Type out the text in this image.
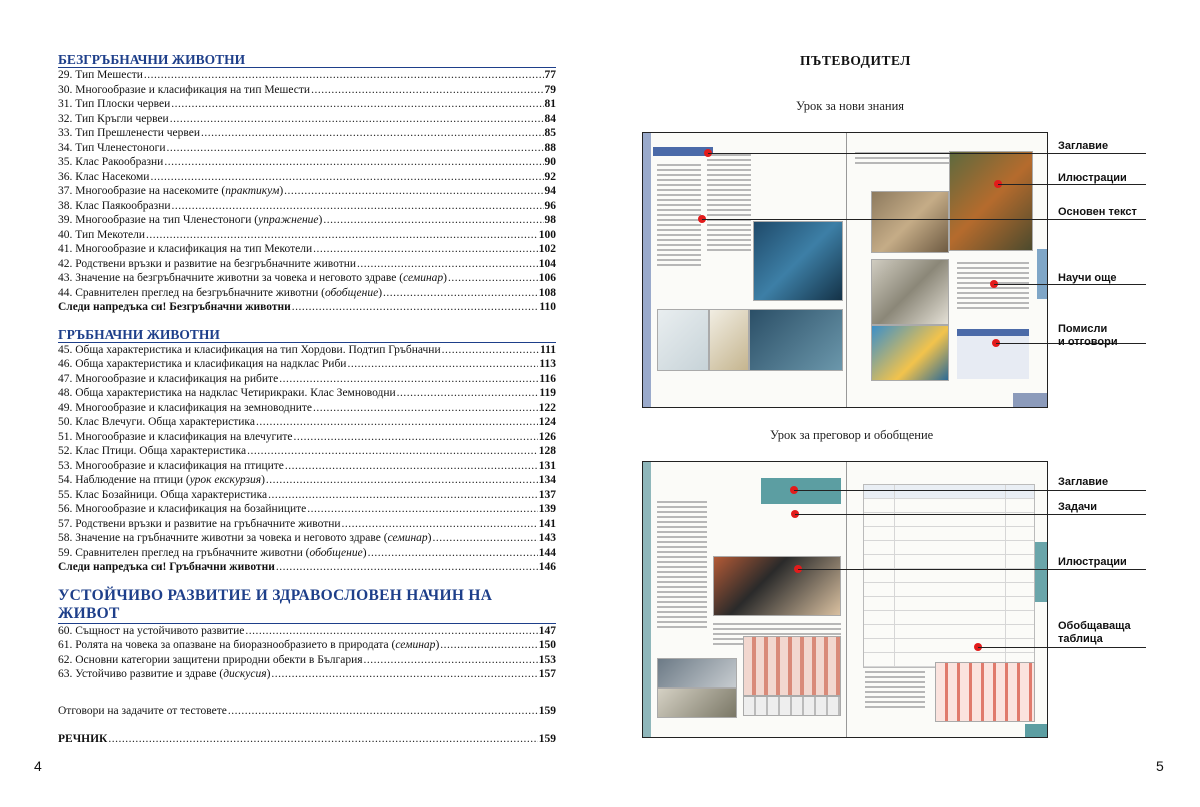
БЕЗГРЪБНАЧНИ ЖИВОТНИ
29. Тип Мешести .....	77
30. Многообразие и класификация на тип Мешести .....	79
31. Тип Плоски червеи .....	81
32. Тип Кръгли червеи .....	84
33. Тип Прешленести червеи .....	85
34. Тип Членестоноги .....	88
35. Клас Ракообразни .....	90
36. Клас Насекоми .....	92
37. Многообразие на насекомите (практикум) .....	94
38. Клас Паякообразни .....	96
39. Многообразие на тип Членестоноги (упражнение) .....	98
40. Тип Мекотели .....	100
41. Многообразие и класификация на тип Мекотели .....	102
42. Родствени връзки и развитие на безгръбначните животни .....	104
43. Значение на безгръбначните животни за човека и неговото здраве (семинар) .....	106
44. Сравнителен преглед на безгръбначните животни (обобщение) .....	108
Следи напредъка си! Безгръбначни животни .....	110
ГРЪБНАЧНИ ЖИВОТНИ
45. Обща характеристика и класификация на тип Хордови. Подтип Гръбначни .....	111
46. Обща характеристика и класификация на надклас Риби .....	113
47. Многообразие и класификация на рибите .....	116
48. Обща характеристика на надклас Четирикраки. Клас Земноводни .....	119
49. Многообразие и класификация на земноводните .....	122
50. Клас Влечуги. Обща характеристика .....	124
51. Многообразие и класификация на влечугите .....	126
52. Клас Птици. Обща характеристика .....	128
53. Многообразие и класификация на птиците .....	131
54. Наблюдение на птици (урок екскурзия) .....	134
55. Клас Бозайници. Обща характеристика .....	137
56. Многообразие и класификация на бозайниците .....	139
57. Родствени връзки и развитие на гръбначните животни .....	141
58. Значение на гръбначните животни за човека и неговото здраве (семинар) .....	143
59. Сравнителен преглед на гръбначните животни (обобщение) .....	144
Следи напредъка си! Гръбначни животни .....	146
УСТОЙЧИВО РАЗВИТИЕ И ЗДРАВОСЛОВЕН НАЧИН НА ЖИВОТ
60. Същност на устойчивото развитие .....	147
61. Ролята на човека за опазване на биоразнообразието в природата (семинар) .....	150
62. Основни категории защитени природни обекти в България .....	153
63. Устойчиво развитие и здраве (дискусия) .....	157
Отговори на задачите от тестовете .....	159
РЕЧНИК .....	159
4	5
ПЪТЕВОДИТЕЛ
Урок за нови знания
Урок за преговор и обобщение
Заглавие
Илюстрации
Основен текст
Научи още
Помисли
и отговори
Заглавие
Задачи
Илюстрации
Обобщаваща
таблица
